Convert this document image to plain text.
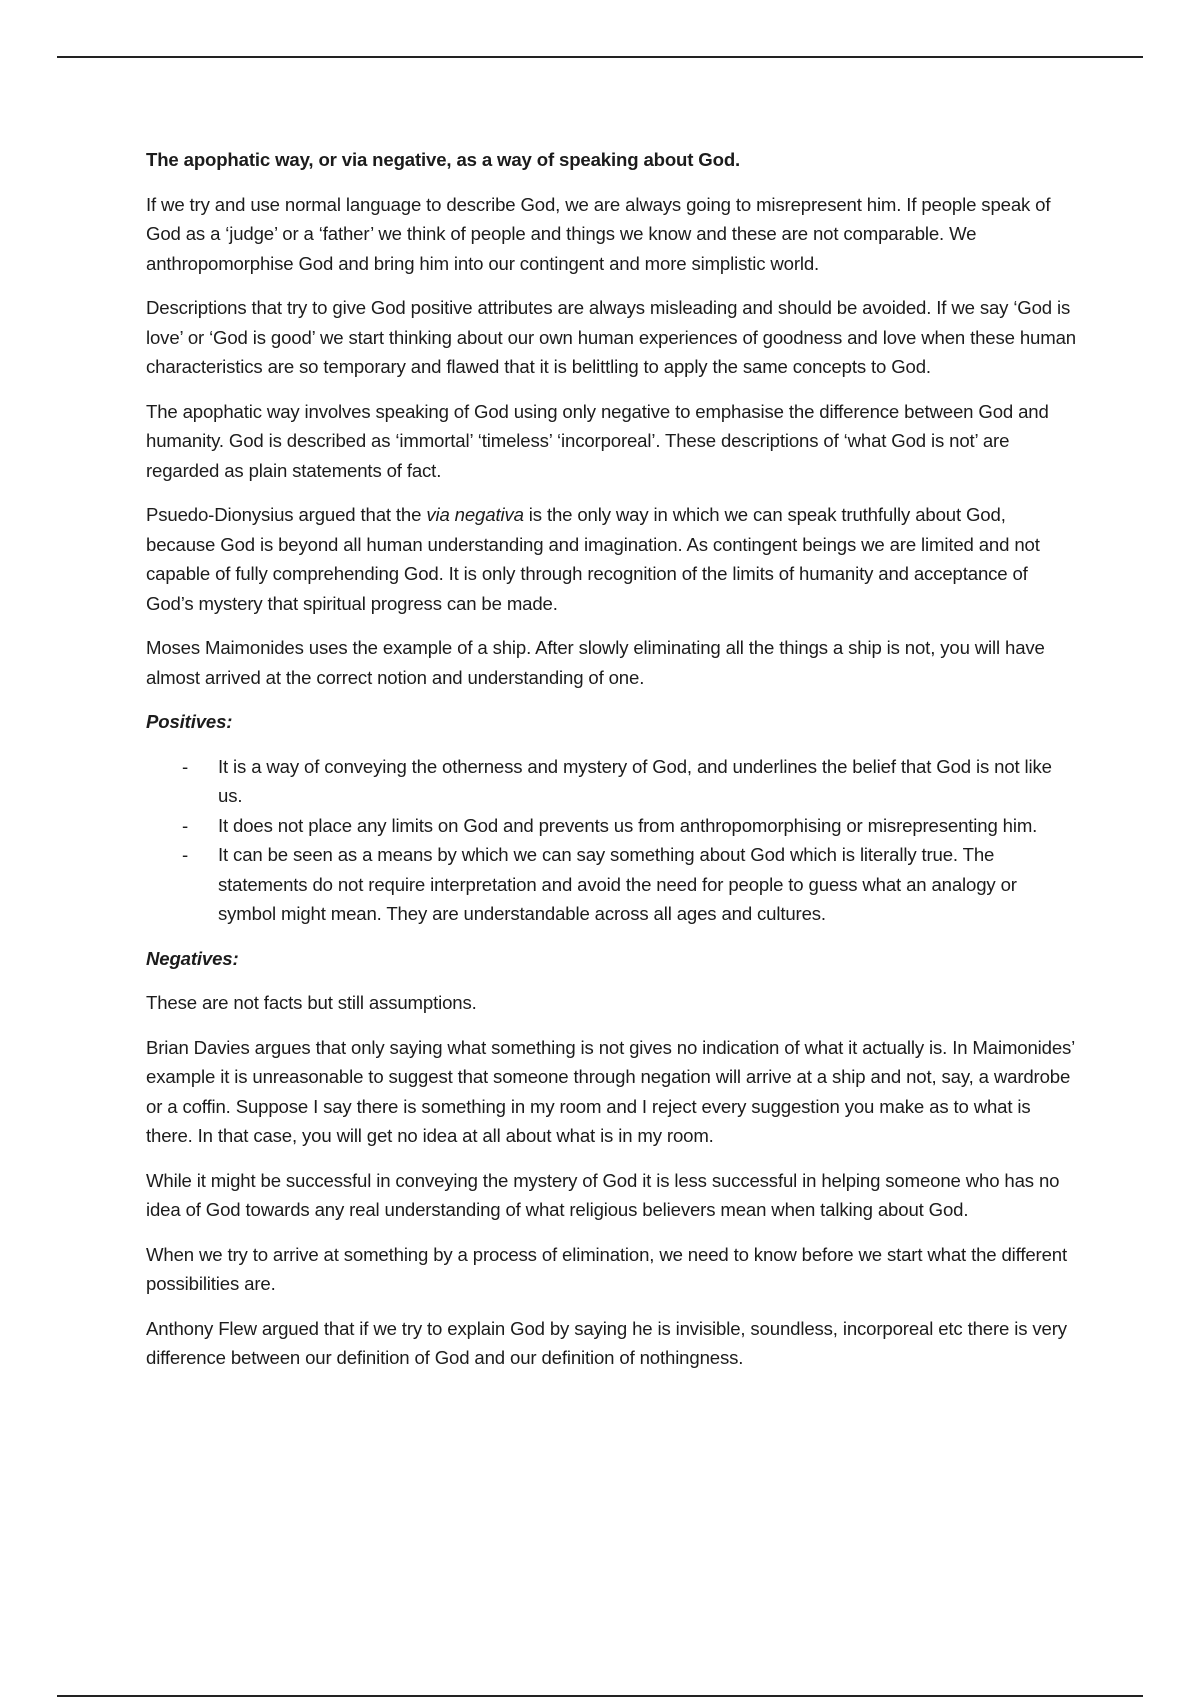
The apophatic way, or via negative, as a way of speaking about God.

If we try and use normal language to describe God, we are always going to misrepresent him. If people speak of God as a ‘judge’ or a ‘father’ we think of people and things we know and these are not comparable. We anthropomorphise God and bring him into our contingent and more simplistic world.

Descriptions that try to give God positive attributes are always misleading and should be avoided. If we say ‘God is love’ or ‘God is good’ we start thinking about our own human experiences of goodness and love when these human characteristics are so temporary and flawed that it is belittling to apply the same concepts to God.

The apophatic way involves speaking of God using only negative to emphasise the difference between God and humanity. God is described as ‘immortal’ ‘timeless’ ‘incorporeal’. These descriptions of ‘what God is not’ are regarded as plain statements of fact.

Psuedo-Dionysius argued that the via negativa is the only way in which we can speak truthfully about God, because God is beyond all human understanding and imagination. As contingent beings we are limited and not capable of fully comprehending God. It is only through recognition of the limits of humanity and acceptance of God’s mystery that spiritual progress can be made.

Moses Maimonides uses the example of a ship. After slowly eliminating all the things a ship is not, you will have almost arrived at the correct notion and understanding of one.

Positives:

- It is a way of conveying the otherness and mystery of God, and underlines the belief that God is not like us.
- It does not place any limits on God and prevents us from anthropomorphising or misrepresenting him.
- It can be seen as a means by which we can say something about God which is literally true. The statements do not require interpretation and avoid the need for people to guess what an analogy or symbol might mean. They are understandable across all ages and cultures.

Negatives:

These are not facts but still assumptions.

Brian Davies argues that only saying what something is not gives no indication of what it actually is. In Maimonides’ example it is unreasonable to suggest that someone through negation will arrive at a ship and not, say, a wardrobe or a coffin. Suppose I say there is something in my room and I reject every suggestion you make as to what is there. In that case, you will get no idea at all about what is in my room.

While it might be successful in conveying the mystery of God it is less successful in helping someone who has no idea of God towards any real understanding of what religious believers mean when talking about God.

When we try to arrive at something by a process of elimination, we need to know before we start what the different possibilities are.

Anthony Flew argued that if we try to explain God by saying he is invisible, soundless, incorporeal etc there is very difference between our definition of God and our definition of nothingness.
